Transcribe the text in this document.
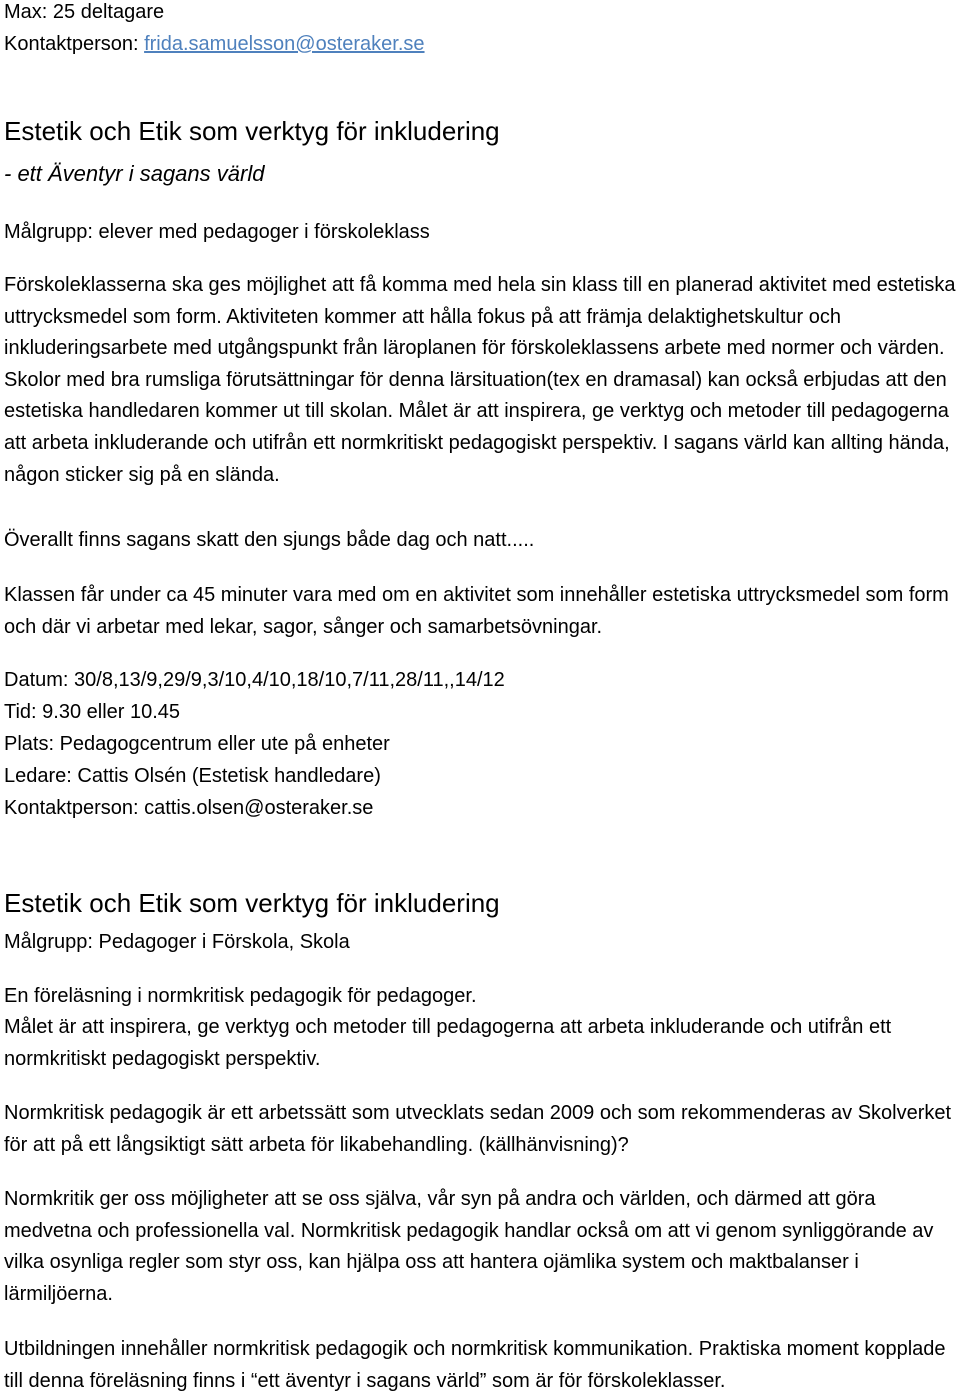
Max: 25 deltagare
Kontaktperson: frida.samuelsson@osteraker.se
Estetik och Etik som verktyg för inkludering
- ett Äventyr i sagans värld
Målgrupp: elever med pedagoger i förskoleklass
Förskoleklasserna ska ges möjlighet att få komma med hela sin klass till en planerad aktivitet med estetiska uttrycksmedel som form. Aktiviteten kommer att hålla fokus på att främja delaktighetskultur och inkluderingsarbete med utgångspunkt från läroplanen för förskoleklassens arbete med normer och värden. Skolor med bra rumsliga förutsättningar för denna lärsituation(tex en dramasal) kan också erbjudas att den estetiska handledaren kommer ut till skolan. Målet är att inspirera, ge verktyg och metoder till pedagogerna att arbeta inkluderande och utifrån ett normkritiskt pedagogiskt perspektiv. I sagans värld kan allting hända, någon sticker sig på en slända.
Överallt finns sagans skatt den sjungs både dag och natt.....
Klassen får under ca 45 minuter vara med om en aktivitet som innehåller estetiska uttrycksmedel som form och där vi arbetar med lekar, sagor, sånger och samarbetsövningar.
Datum: 30/8,13/9,29/9,3/10,4/10,18/10,7/11,28/11,,14/12
Tid: 9.30 eller 10.45
Plats: Pedagogcentrum eller ute på enheter
Ledare: Cattis Olsén (Estetisk handledare)
Kontaktperson: cattis.olsen@osteraker.se
Estetik och Etik som verktyg för inkludering
Målgrupp: Pedagoger i Förskola, Skola
En föreläsning i normkritisk pedagogik för pedagoger.
Målet är att inspirera, ge verktyg och metoder till pedagogerna att arbeta inkluderande och utifrån ett normkritiskt pedagogiskt perspektiv.
Normkritisk pedagogik är ett arbetssätt som utvecklats sedan 2009 och som rekommenderas av Skolverket för att på ett långsiktigt sätt arbeta för likabehandling. (källhänvisning)?
Normkritik ger oss möjligheter att se oss själva, vår syn på andra och världen, och därmed att göra medvetna och professionella val. Normkritisk pedagogik handlar också om att vi genom synliggörande av vilka osynliga regler som styr oss, kan hjälpa oss att hantera ojämlika system och maktbalanser i lärmiljöerna.
Utbildningen innehåller normkritisk pedagogik och normkritisk kommunikation. Praktiska moment kopplade till denna föreläsning finns i “ett äventyr i sagans värld” som är för förskoleklasser.
